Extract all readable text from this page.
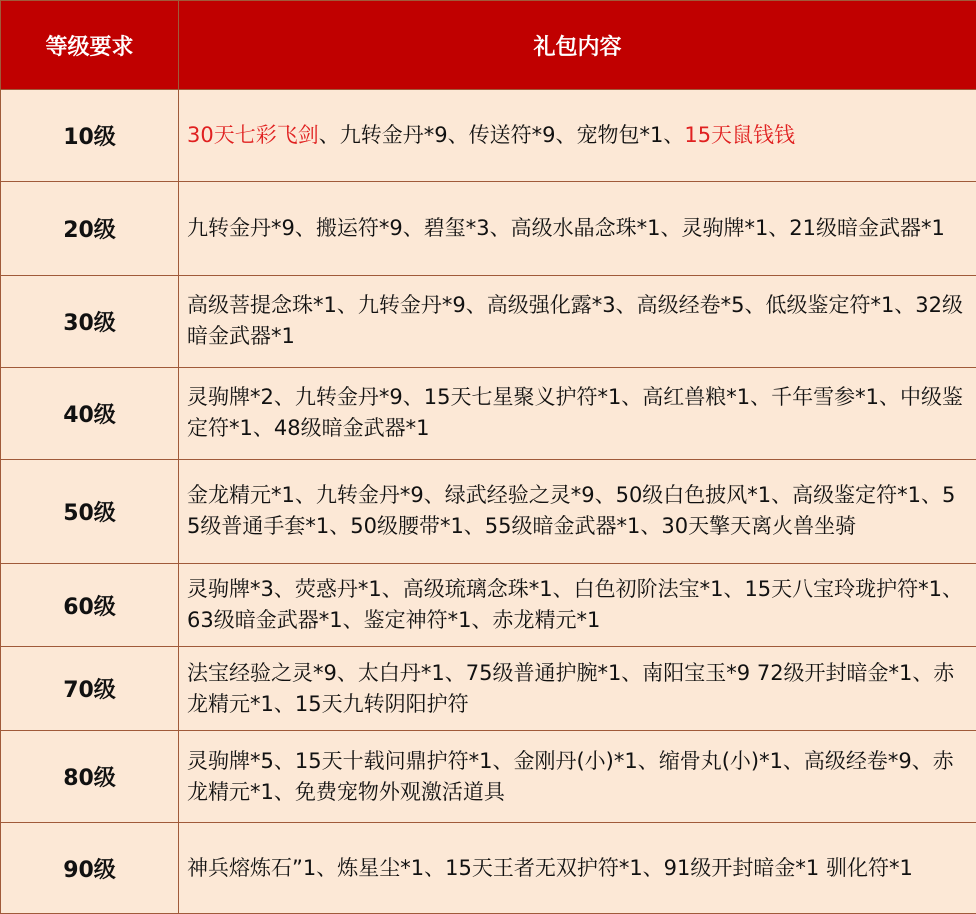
等级要求	礼包内容
10级	30天七彩飞剑、九转金丹*9、传送符*9、宠物包*1、15天鼠钱钱
20级	九转金丹*9、搬运符*9、碧玺*3、高级水晶念珠*1、灵驹牌*1、21级暗金武器*1
30级	高级菩提念珠*1、九转金丹*9、高级强化露*3、高级经卷*5、低级鉴定符*1、32级暗金武器*1
40级	灵驹牌*2、九转金丹*9、15天七星聚义护符*1、高红兽粮*1、千年雪参*1、中级鉴定符*1、48级暗金武器*1
50级	金龙精元*1、九转金丹*9、绿武经验之灵*9、50级白色披风*1、高级鉴定符*1、55级普通手套*1、50级腰带*1、55级暗金武器*1、30天擎天离火兽坐骑
60级	灵驹牌*3、荧惑丹*1、高级琉璃念珠*1、白色初阶法宝*1、15天八宝玲珑护符*1、63级暗金武器*1、鉴定神符*1、赤龙精元*1
70级	法宝经验之灵*9、太白丹*1、75级普通护腕*1、南阳宝玉*9 72级开封暗金*1、赤龙精元*1、15天九转阴阳护符
80级	灵驹牌*5、15天十载问鼎护符*1、金刚丹(小)*1、缩骨丸(小)*1、高级经卷*9、赤龙精元*1、免费宠物外观激活道具
90级	神兵熔炼石”1、炼星尘*1、15天王者无双护符*1、91级开封暗金*1 驯化符*1
